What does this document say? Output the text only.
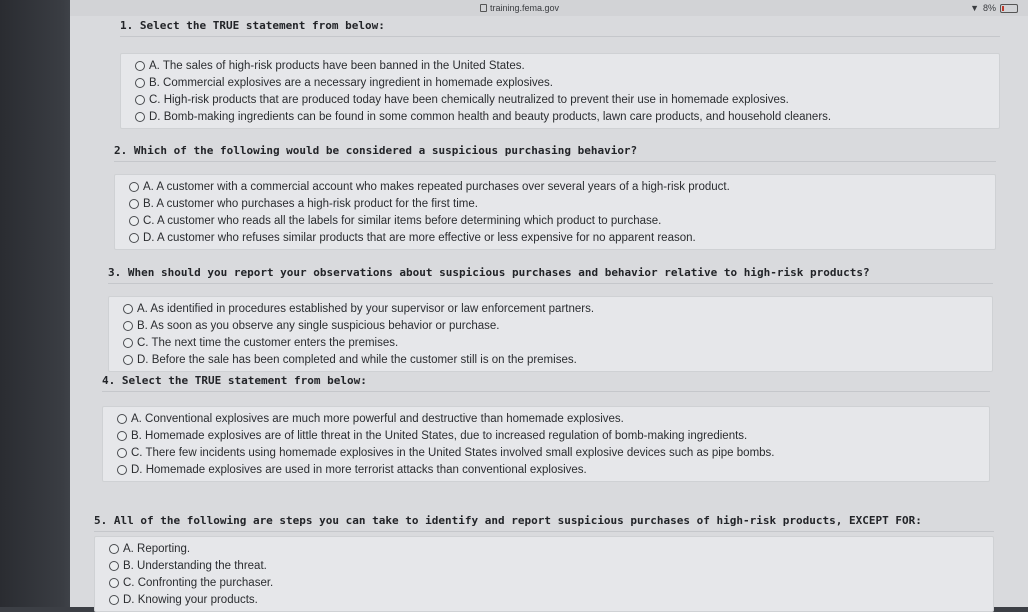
training.fema.gov	▼ 8%
1. Select the TRUE statement from below:
A. The sales of high-risk products have been banned in the United States.
B. Commercial explosives are a necessary ingredient in homemade explosives.
C. High-risk products that are produced today have been chemically neutralized to prevent their use in homemade explosives.
D. Bomb-making ingredients can be found in some common health and beauty products, lawn care products, and household cleaners.
2. Which of the following would be considered a suspicious purchasing behavior?
A. A customer with a commercial account who makes repeated purchases over several years of a high-risk product.
B. A customer who purchases a high-risk product for the first time.
C. A customer who reads all the labels for similar items before determining which product to purchase.
D. A customer who refuses similar products that are more effective or less expensive for no apparent reason.
3. When should you report your observations about suspicious purchases and behavior relative to high-risk products?
A. As identified in procedures established by your supervisor or law enforcement partners.
B. As soon as you observe any single suspicious behavior or purchase.
C. The next time the customer enters the premises.
D. Before the sale has been completed and while the customer still is on the premises.
4. Select the TRUE statement from below:
A. Conventional explosives are much more powerful and destructive than homemade explosives.
B. Homemade explosives are of little threat in the United States, due to increased regulation of bomb-making ingredients.
C. There few incidents using homemade explosives in the United States involved small explosive devices such as pipe bombs.
D. Homemade explosives are used in more terrorist attacks than conventional explosives.
5. All of the following are steps you can take to identify and report suspicious purchases of high-risk products, EXCEPT FOR:
A. Reporting.
B. Understanding the threat.
C. Confronting the purchaser.
D. Knowing your products.
